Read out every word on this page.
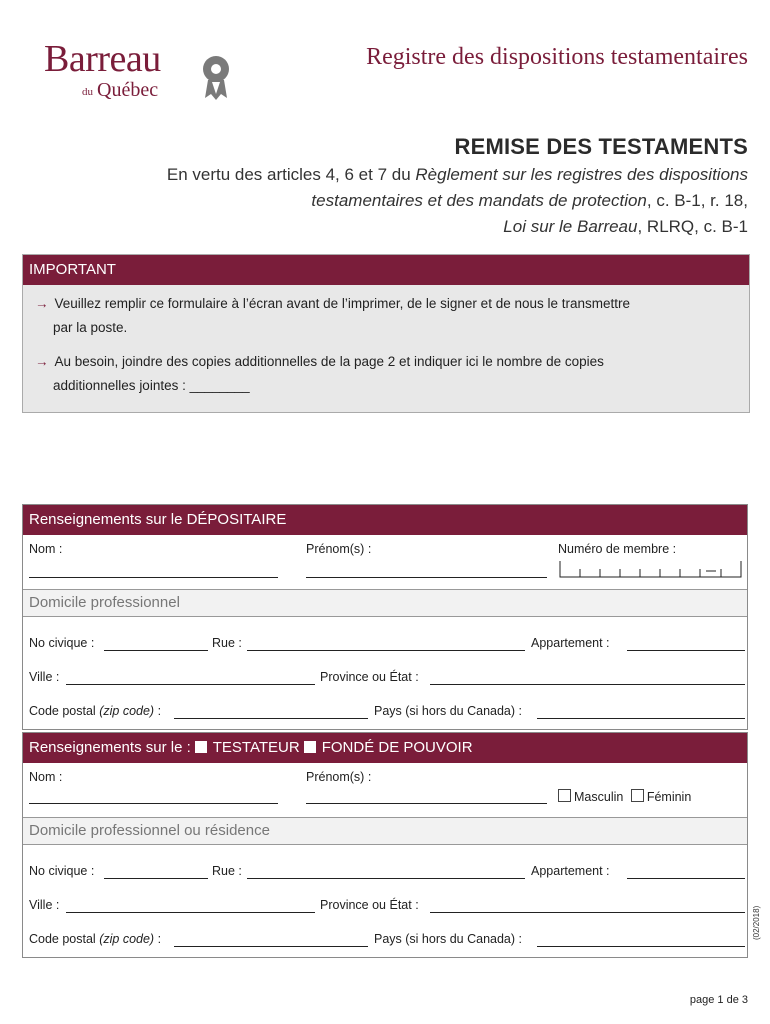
Barreau
du Québec
Registre des dispositions testamentaires
REMISE DES TESTAMENTS
En vertu des articles 4, 6 et 7 du Règlement sur les registres des dispositions
testamentaires et des mandats de protection, c. B-1, r. 18,
Loi sur le Barreau, RLRQ, c. B-1
IMPORTANT
→ Veuillez remplir ce formulaire à l’écran avant de l’imprimer, de le signer et de nous le transmettre
par la poste.
→ Au besoin, joindre des copies additionnelles de la page 2 et indiquer ici le nombre de copies
additionnelles jointes : ________
Renseignements sur le DÉPOSITAIRE
Nom :	Prénom(s) :	Numéro de membre :
Domicile professionnel
No civique :	Rue :	Appartement :
Ville :	Province ou État :
Code postal (zip code) :	Pays (si hors du Canada) :
Renseignements sur le : TESTATEUR FONDÉ DE POUVOIR
Nom :	Prénom(s) :
Masculin Féminin
Domicile professionnel ou résidence
No civique :	Rue :	Appartement :
Ville :	Province ou État :
Code postal (zip code) :	Pays (si hors du Canada) :	(02/2018)
page 1 de 3
